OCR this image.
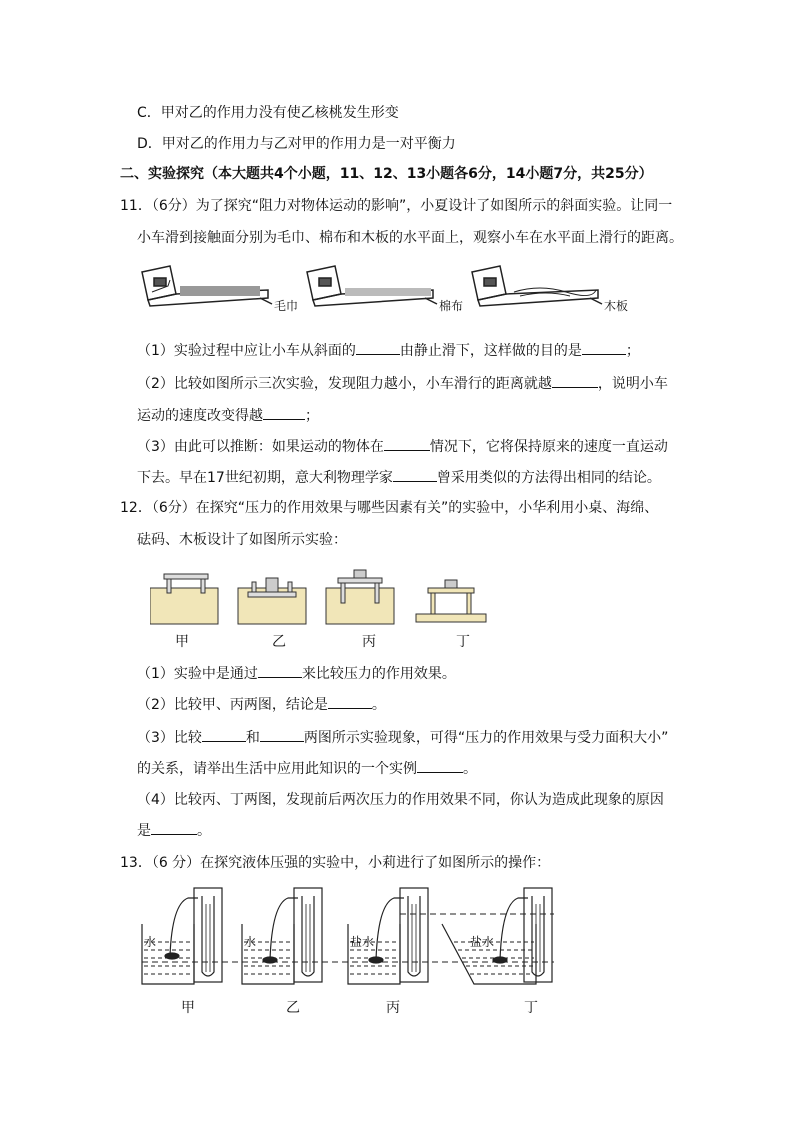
C．甲对乙的作用力没有使乙核桃发生形变
D．甲对乙的作用力与乙对甲的作用力是一对平衡力
二、实验探究（本大题共4个小题，11、12、13小题各6分，14小题7分，共25分）
11．（6分）为了探究“阻力对物体运动的影响”，小夏设计了如图所示的斜面实验。让同一
小车滑到接触面分别为毛巾、棉布和木板的水平面上，观察小车在水平面上滑行的距离。
毛巾	棉布	木板
（1）实验过程中应让小车从斜面的	由静止滑下，这样做的目的是	；
（2）比较如图所示三次实验，发现阻力越小，小车滑行的距离就越	，说明小车
运动的速度改变得越	；
（3）由此可以推断：如果运动的物体在	情况下，它将保持原来的速度一直运动
下去。早在17世纪初期，意大利物理学家	曾采用类似的方法得出相同的结论。
12．（6分）在探究“压力的作用效果与哪些因素有关”的实验中，小华利用小桌、海绵、
砝码、木板设计了如图所示实验：
甲	乙	丙	丁
（1）实验中是通过	来比较压力的作用效果。
（2）比较甲、丙两图，结论是	。
（3）比较	和	两图所示实验现象，可得“压力的作用效果与受力面积大小”
的关系，请举出生活中应用此知识的一个实例	。
（4）比较丙、丁两图，发现前后两次压力的作用效果不同，你认为造成此现象的原因
是	。
13．（6 分）在探究液体压强的实验中，小莉进行了如图所示的操作：
水	水	盐水	盐水
甲	乙	丙	丁
